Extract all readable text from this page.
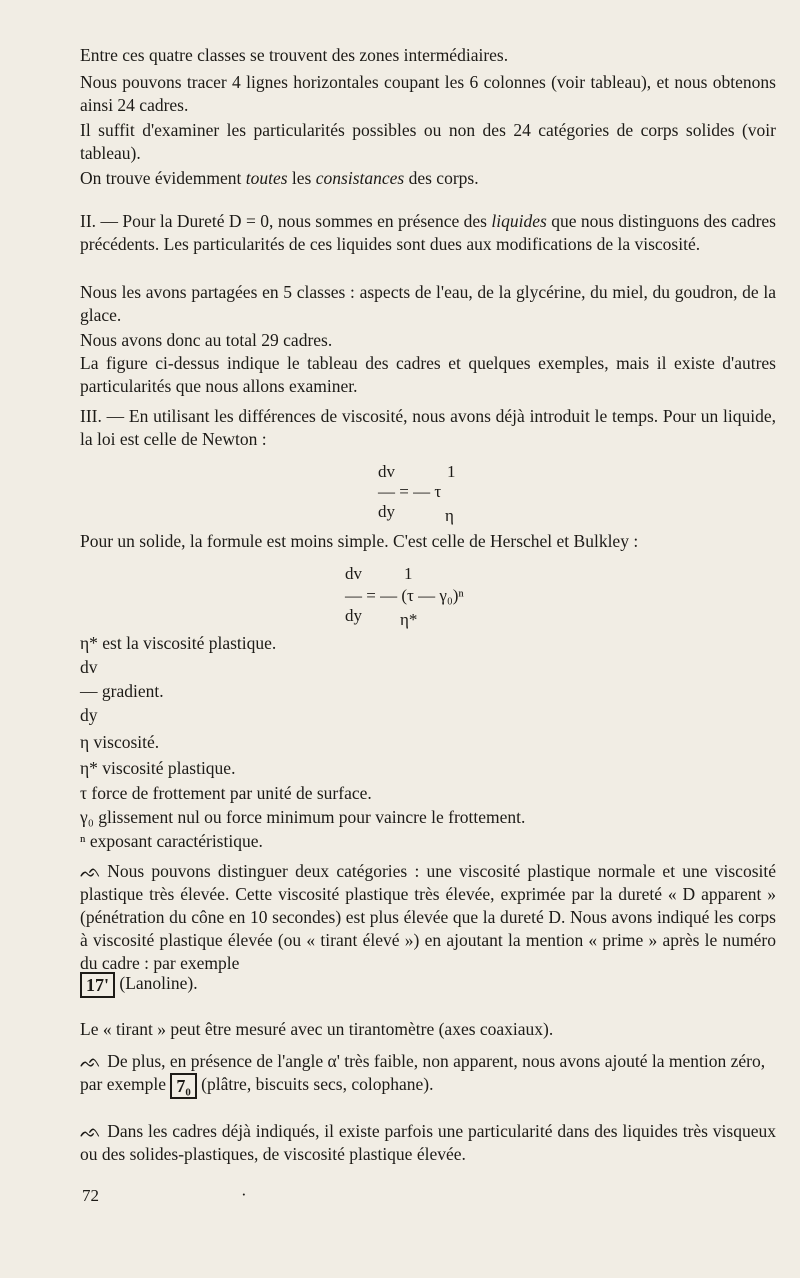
Entre ces quatre classes se trouvent des zones intermédiaires.

Nous pouvons tracer 4 lignes horizontales coupant les 6 colonnes (voir tableau), et nous obtenons ainsi 24 cadres.

Il suffit d'examiner les particularités possibles ou non des 24 catégories de corps solides (voir tableau).

On trouve évidemment toutes les consistances des corps.

II. — Pour la Dureté D = 0, nous sommes en présence des liquides que nous distinguons des cadres précédents. Les particularités de ces liquides sont dues aux modifications de la viscosité.

Nous les avons partagées en 5 classes : aspects de l'eau, de la glycérine, du miel, du goudron, de la glace.

Nous avons donc au total 29 cadres.

La figure ci-dessus indique le tableau des cadres et quelques exemples, mais il existe d'autres particularités que nous allons examiner.

III. — En utilisant les différences de viscosité, nous avons déjà introduit le temps. Pour un liquide, la loi est celle de Newton :

dv	1
— = — τ
dy	η

Pour un solide, la formule est moins simple. C'est celle de Herschel et Bulkley :

dv 1
— = — (τ — γ₀)ⁿ
dy η*
η* est la viscosité plastique.
dv
— gradient.
dy
η viscosité.
η* viscosité plastique.
τ force de frottement par unité de surface.
γ₀ glissement nul ou force minimum pour vaincre le frottement.
ⁿ exposant caractéristique.

ᨒ Nous pouvons distinguer deux catégories : une viscosité plastique normale et une viscosité plastique très élevée. Cette viscosité plastique très élevée, exprimée par la dureté « D apparent » (pénétration du cône en 10 secondes) est plus élevée que la dureté D. Nous avons indiqué les corps à viscosité plastique élevée (ou « tirant élevé ») en ajoutant la mention « prime » après le numéro du cadre : par exemple

17' (Lanoline).

Le « tirant » peut être mesuré avec un tirantomètre (axes coaxiaux).

ᨒ De plus, en présence de l'angle α' très faible, non apparent, nous avons ajouté la mention zéro, par exemple 7₀ (plâtre, biscuits secs, colophane).

ᨒ Dans les cadres déjà indiqués, il existe parfois une particularité dans des liquides très visqueux ou des solides-plastiques, de viscosité plastique élevée.

72	·
